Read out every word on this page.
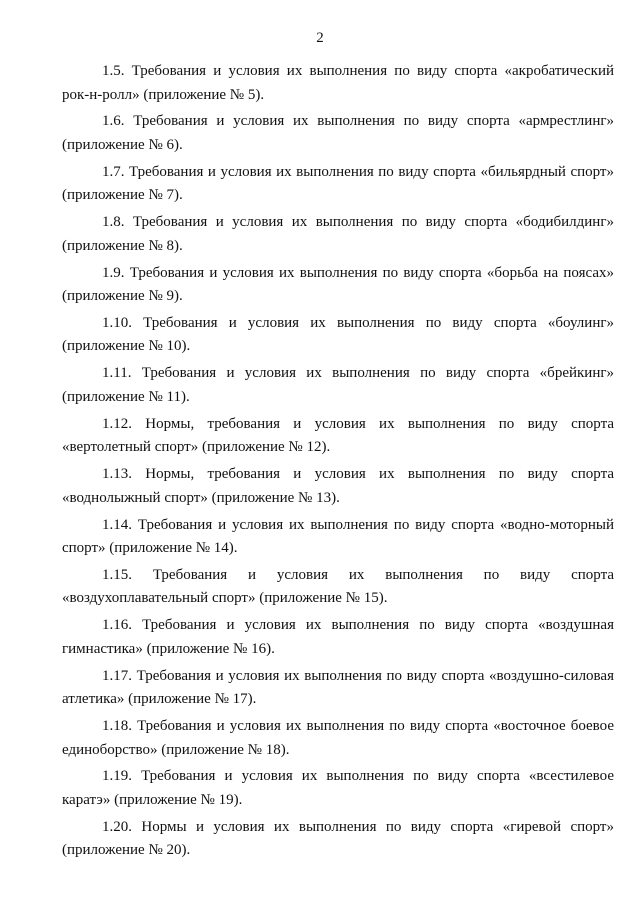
2

1.5. Требования и условия их выполнения по виду спорта «акробатический рок-н-ролл» (приложение № 5).

1.6. Требования и условия их выполнения по виду спорта «армрестлинг» (приложение № 6).

1.7. Требования и условия их выполнения по виду спорта «бильярдный спорт» (приложение № 7).

1.8. Требования и условия их выполнения по виду спорта «бодибилдинг» (приложение № 8).

1.9. Требования и условия их выполнения по виду спорта «борьба на поясах» (приложение № 9).

1.10. Требования и условия их выполнения по виду спорта «боулинг» (приложение № 10).

1.11. Требования и условия их выполнения по виду спорта «брейкинг» (приложение № 11).

1.12. Нормы, требования и условия их выполнения по виду спорта «вертолетный спорт» (приложение № 12).

1.13. Нормы, требования и условия их выполнения по виду спорта «воднолыжный спорт» (приложение № 13).

1.14. Требования и условия их выполнения по виду спорта «водно-моторный спорт» (приложение № 14).

1.15. Требования и условия их выполнения по виду спорта «воздухоплавательный спорт» (приложение № 15).

1.16. Требования и условия их выполнения по виду спорта «воздушная гимнастика» (приложение № 16).

1.17. Требования и условия их выполнения по виду спорта «воздушно-силовая атлетика» (приложение № 17).

1.18. Требования и условия их выполнения по виду спорта «восточное боевое единоборство» (приложение № 18).

1.19. Требования и условия их выполнения по виду спорта «всестилевое каратэ» (приложение № 19).

1.20. Нормы и условия их выполнения по виду спорта «гиревой спорт» (приложение № 20).
